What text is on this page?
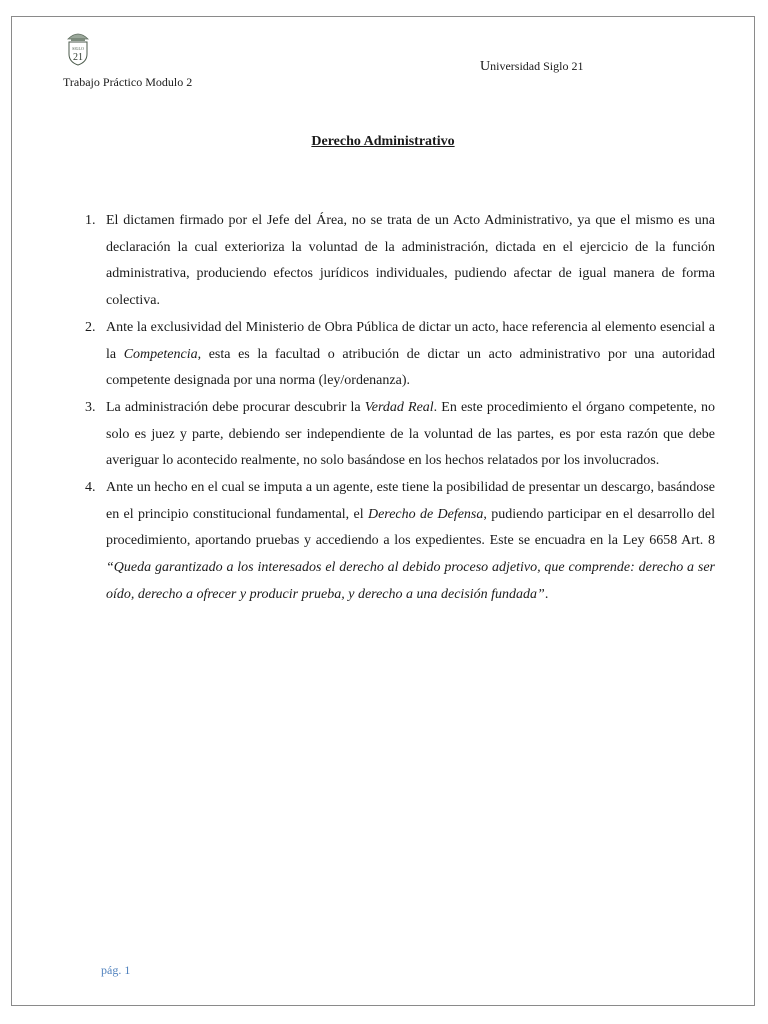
SIGLO
21
Trabajo Práctico Modulo 2
Universidad Siglo 21
Derecho Administrativo
1. El dictamen firmado por el Jefe del Área, no se trata de un Acto Administrativo, ya que el mismo es una declaración la cual exterioriza la voluntad de la administración, dictada en el ejercicio de la función administrativa, produciendo efectos jurídicos individuales, pudiendo afectar de igual manera de forma colectiva.
2. Ante la exclusividad del Ministerio de Obra Pública de dictar un acto, hace referencia al elemento esencial a la Competencia, esta es la facultad o atribución de dictar un acto administrativo por una autoridad competente designada por una norma (ley/ordenanza).
3. La administración debe procurar descubrir la Verdad Real. En este procedimiento el órgano competente, no solo es juez y parte, debiendo ser independiente de la voluntad de las partes, es por esta razón que debe averiguar lo acontecido realmente, no solo basándose en los hechos relatados por los involucrados.
4. Ante un hecho en el cual se imputa a un agente, este tiene la posibilidad de presentar un descargo, basándose en el principio constitucional fundamental, el Derecho de Defensa, pudiendo participar en el desarrollo del procedimiento, aportando pruebas y accediendo a los expedientes. Este se encuadra en la Ley 6658 Art. 8 “Queda garantizado a los interesados el derecho al debido proceso adjetivo, que comprende: derecho a ser oído, derecho a ofrecer y producir prueba, y derecho a una decisión fundada”.
pág. 1
